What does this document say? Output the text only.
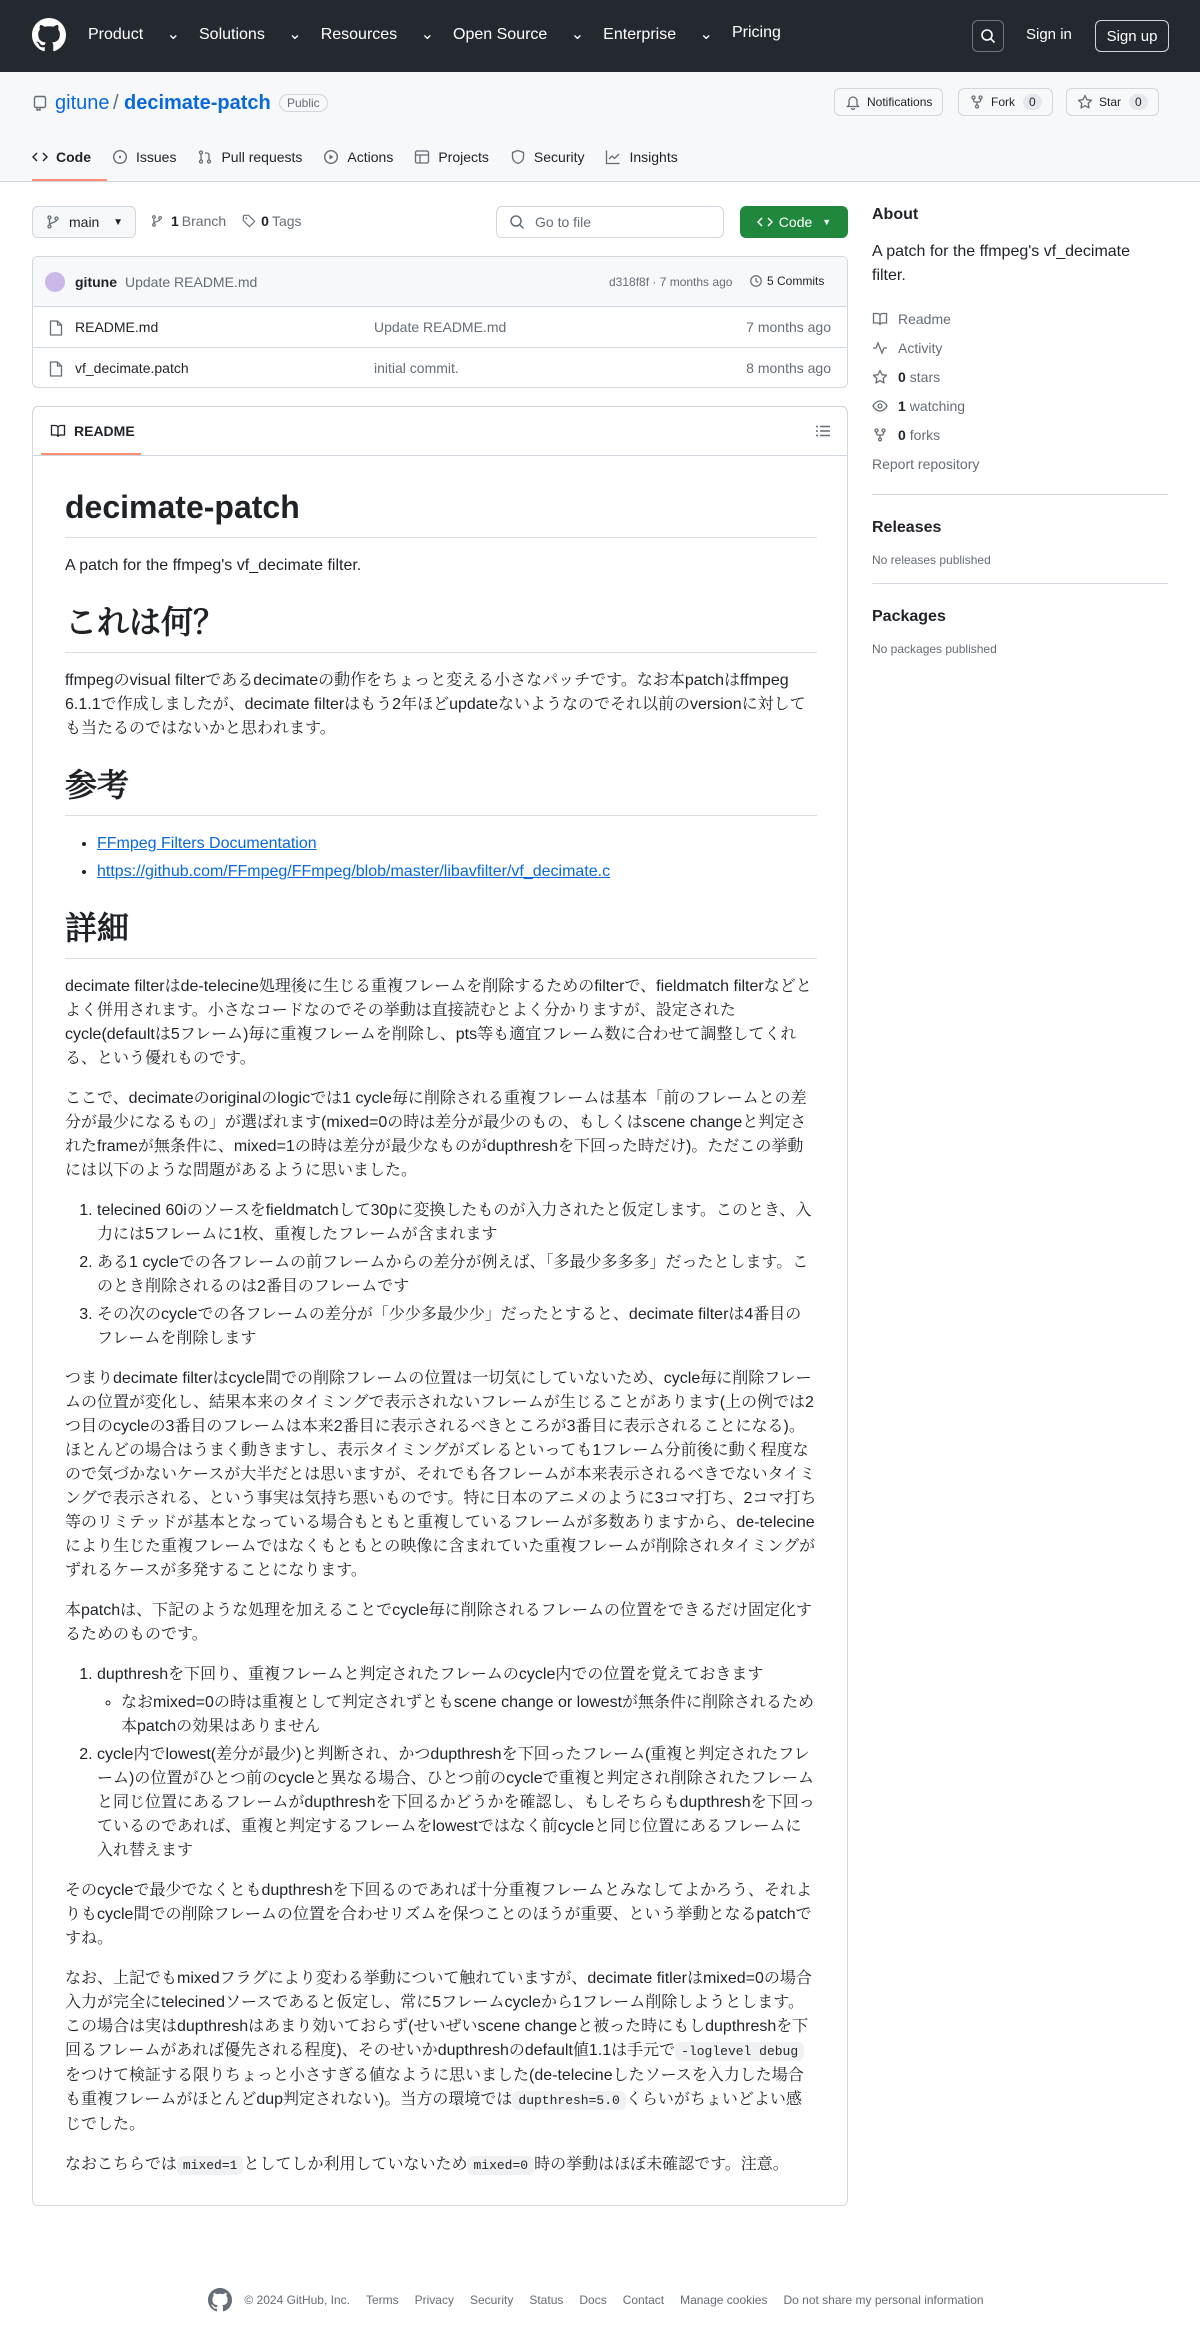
Product ⌄ Solutions ⌄ Resources ⌄ Open Source ⌄ Enterprise ⌄ Pricing	Sign in	Sign up
gitune / decimate-patch	Public	Notifications	Fork	0	Star	0
Code	Issues	Pull requests	Actions	Projects	Security	Insights
main ▼	1 Branch	0 Tags	Go to file	Code ▼
gitune Update README.md	d318f8f · 7 months ago	5 Commits
README.md	Update README.md	7 months ago
vf_decimate.patch	initial commit.	8 months ago
README
decimate-patch

A patch for the ffmpeg's vf_decimate filter.

これは何？

ffmpegのvisual filterであるdecimateの動作をちょっと変える小さなパッチです。なお本patchはffmpeg 6.1.1で作成しましたが、decimate filterはもう2年ほどupdateないようなのでそれ以前のversionに対しても当たるのではないかと思われます。

参考
• FFmpeg Filters Documentation
• https://github.com/FFmpeg/FFmpeg/blob/master/libavfilter/vf_decimate.c
詳細

decimate filterはde-telecine処理後に生じる重複フレームを削除するためのfilterで、fieldmatch filterなどとよく併用されます。小さなコードなのでその挙動は直接読むとよく分かりますが、設定されたcycle(defaultは5フレーム)毎に重複フレームを削除し、pts等も適宜フレーム数に合わせて調整してくれる、という優れものです。

ここで、decimateのoriginalのlogicでは1 cycle毎に削除される重複フレームは基本「前のフレームとの差分が最少になるもの」が選ばれます(mixed=0の時は差分が最少のもの、もしくはscene changeと判定されたframeが無条件に、mixed=1の時は差分が最少なものがdupthreshを下回った時だけ)。ただこの挙動には以下のような問題があるように思いました。

1. telecined 60iのソースをfieldmatchして30pに変換したものが入力されたと仮定します。このとき、入力には5フレームに1枚、重複したフレームが含まれます
2. ある1 cycleでの各フレームの前フレームからの差分が例えば、「多最少多多多」だったとします。このとき削除されるのは2番目のフレームです
3. その次のcycleでの各フレームの差分が「少少多最少少」だったとすると、decimate filterは4番目のフレームを削除します

つまりdecimate filterはcycle間での削除フレームの位置は一切気にしていないため、cycle毎に削除フレームの位置が変化し、結果本来のタイミングで表示されないフレームが生じることがあります(上の例では2つ目のcycleの3番目のフレームは本来2番目に表示されるべきところが3番目に表示されることになる)。ほとんどの場合はうまく動きますし、表示タイミングがズレるといっても1フレーム分前後に動く程度なので気づかないケースが大半だとは思いますが、それでも各フレームが本来表示されるべきでないタイミングで表示される、という事実は気持ち悪いものです。特に日本のアニメのように3コマ打ち、2コマ打ち等のリミテッドが基本となっている場合もともと重複しているフレームが多数ありますから、de-telecineにより生じた重複フレームではなくもともとの映像に含まれていた重複フレームが削除されタイミングがずれるケースが多発することになります。

本patchは、下記のような処理を加えることでcycle毎に削除されるフレームの位置をできるだけ固定化するためのものです。

1. dupthreshを下回り、重複フレームと判定されたフレームのcycle内での位置を覚えておきます
◦ なおmixed=0の時は重複として判定されずともscene change or lowestが無条件に削除されるため本patchの効果はありません
2. cycle内でlowest(差分が最少)と判断され、かつdupthreshを下回ったフレーム(重複と判定されたフレーム)の位置がひとつ前のcycleと異なる場合、ひとつ前のcycleで重複と判定され削除されたフレームと同じ位置にあるフレームがdupthreshを下回るかどうかを確認し、もしそちらもdupthreshを下回っているのであれば、重複と判定するフレームをlowestではなく前cycleと同じ位置にあるフレームに入れ替えます

そのcycleで最少でなくともdupthreshを下回るのであれば十分重複フレームとみなしてよかろう、それよりもcycle間での削除フレームの位置を合わせリズムを保つことのほうが重要、という挙動となるpatchですね。

なお、上記でもmixedフラグにより変わる挙動について触れていますが、decimate fitlerはmixed=0の場合入力が完全にtelecinedソースであると仮定し、常に5フレームcycleから1フレーム削除しようとします。この場合は実はdupthreshはあまり効いておらず(せいぜいscene changeと被った時にもしdupthreshを下回るフレームがあれば優先される程度)、そのせいかdupthreshのdefault値1.1は手元で -loglevel debugをつけて検証する限りちょっと小さすぎる値なように思いました(de-telecineしたソースを入力した場合も重複フレームがほとんどdup判定されない)。当方の環境では dupthresh=5.0 くらいがちょいどよい感じでした。

なおこちらでは mixed=1 としてしか利用していないため mixed=0 時の挙動はほぼ未確認です。注意。

About

A patch for the ffmpeg's vf_decimate filter.

Readme
Activity
0 stars
1 watching
0 forks
Report repository
Releases

No releases published

Packages

No packages published

© 2024 GitHub, Inc. Terms Privacy Security Status Docs Contact Manage cookies Do not share my personal information
